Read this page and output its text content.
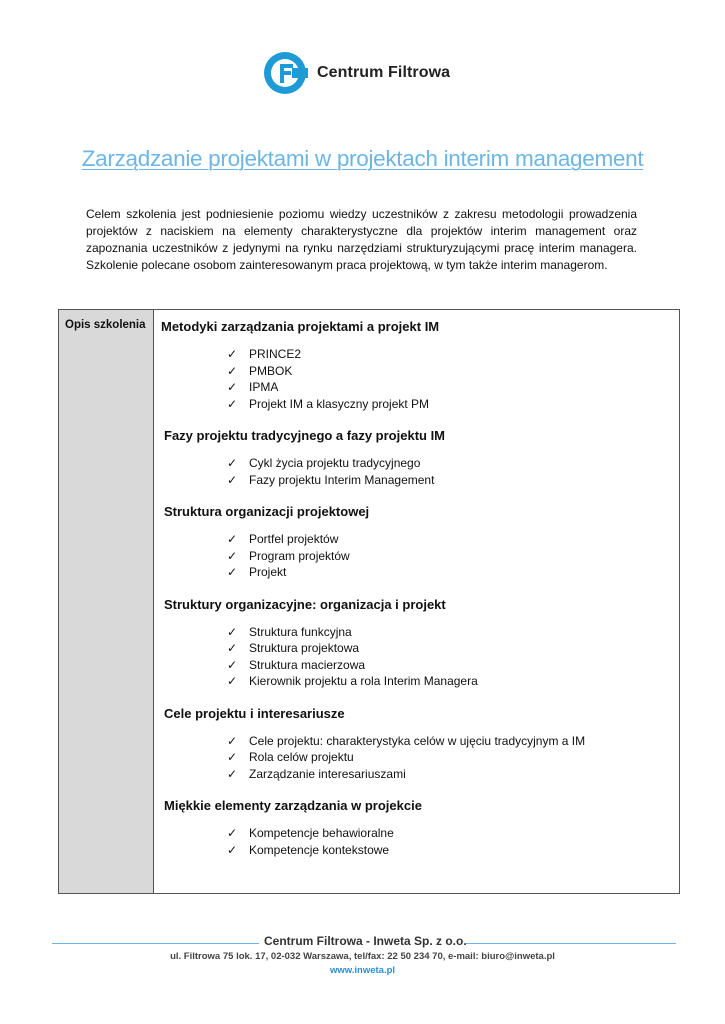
Centrum Filtrowa
Zarządzanie projektami w projektach interim management
Celem szkolenia jest podniesienie poziomu wiedzy uczestników z zakresu metodologii prowadzenia projektów z naciskiem na elementy charakterystyczne dla projektów interim management oraz zapoznania uczestników z jedynymi na rynku narzędziami strukturyzującymi pracę interim managera. Szkolenie polecane osobom zainteresowanym praca projektową, w tym także interim managerom.
Opis szkolenia Metodyki zarządzania projektami a projekt IM
✓ PRINCE2
✓ PMBOK
✓ IPMA
✓ Projekt IM a klasyczny projekt PM
Fazy projektu tradycyjnego a fazy projektu IM
✓ Cykl życia projektu tradycyjnego
✓ Fazy projektu Interim Management
Struktura organizacji projektowej
✓ Portfel projektów
✓ Program projektów
✓ Projekt
Struktury organizacyjne: organizacja i projekt
✓ Struktura funkcyjna
✓ Struktura projektowa
✓ Struktura macierzowa
✓ Kierownik projektu a rola Interim Managera
Cele projektu i interesariusze
✓ Cele projektu: charakterystyka celów w ujęciu tradycyjnym a IM
✓ Rola celów projektu
✓ Zarządzanie interesariuszami
Miękkie elementy zarządzania w projekcie
✓ Kompetencje behawioralne
✓ Kompetencje kontekstowe
Centrum Filtrowa - Inweta Sp. z o.o.
ul. Filtrowa 75 lok. 17, 02-032 Warszawa, tel/fax: 22 50 234 70, e-mail: biuro@inweta.pl
www.inweta.pl
